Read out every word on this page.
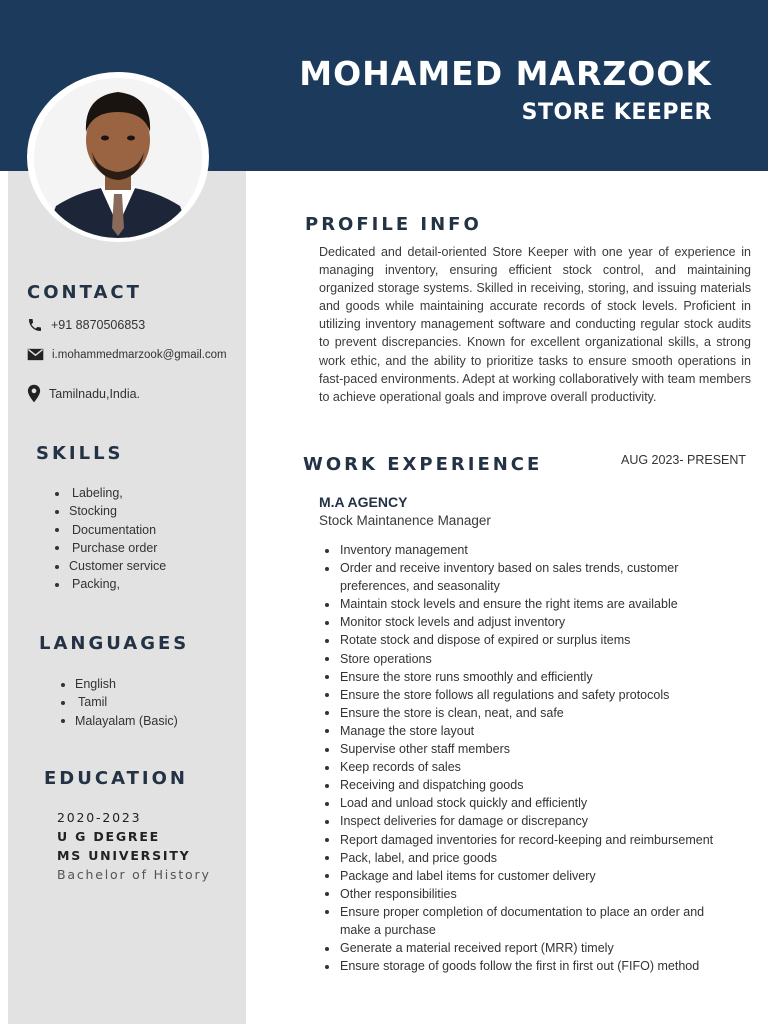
MOHAMED MARZOOK
STORE KEEPER
CONTACT
+91 8870506853
i.mohammedmarzook@gmail.com
Tamilnadu,India.
SKILLS
Labeling,
Stocking
Documentation
Purchase order
Customer service
Packing,
LANGUAGES
English
Tamil
Malayalam (Basic)
EDUCATION
2020-2023
U G DEGREE
MS UNIVERSITY
Bachelor of History
PROFILE INFO
Dedicated and detail-oriented Store Keeper with one year of experience in managing inventory, ensuring efficient stock control, and maintaining organized storage systems. Skilled in receiving, storing, and issuing materials and goods while maintaining accurate records of stock levels. Proficient in utilizing inventory management software and conducting regular stock audits to prevent discrepancies. Known for excellent organizational skills, a strong work ethic, and the ability to prioritize tasks to ensure smooth operations in fast-paced environments. Adept at working collaboratively with team members to achieve operational goals and improve overall productivity.
WORK EXPERIENCE	AUG 2023- PRESENT
M.A AGENCY
Stock Maintanence Manager
Inventory management
Order and receive inventory based on sales trends, customer preferences, and seasonality
Maintain stock levels and ensure the right items are available
Monitor stock levels and adjust inventory
Rotate stock and dispose of expired or surplus items
Store operations
Ensure the store runs smoothly and efficiently
Ensure the store follows all regulations and safety protocols
Ensure the store is clean, neat, and safe
Manage the store layout
Supervise other staff members
Keep records of sales
Receiving and dispatching goods
Load and unload stock quickly and efficiently
Inspect deliveries for damage or discrepancy
Report damaged inventories for record-keeping and reimbursement
Pack, label, and price goods
Package and label items for customer delivery
Other responsibilities
Ensure proper completion of documentation to place an order and make a purchase
Generate a material received report (MRR) timely
Ensure storage of goods follow the first in first out (FIFO) method
